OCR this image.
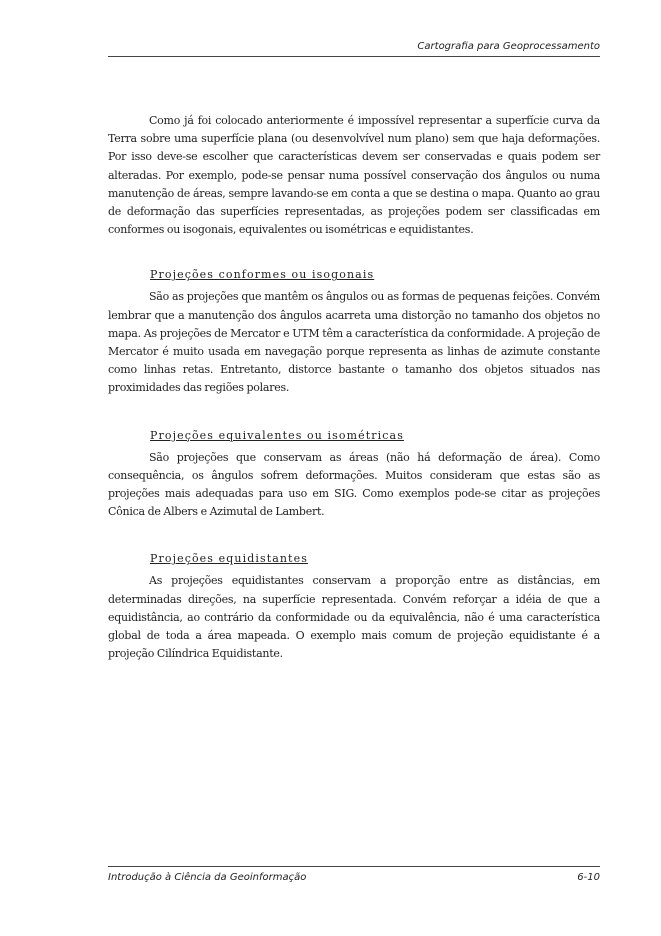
Cartografia para Geoprocessamento

Como já foi colocado anteriormente é impossível representar a superfície curva da Terra sobre uma superfície plana (ou desenvolvível num plano) sem que haja deformações. Por isso deve-se escolher que características devem ser conservadas e quais podem ser alteradas. Por exemplo, pode-se pensar numa possível conservação dos ângulos ou numa manutenção de áreas, sempre lavando-se em conta a que se destina o mapa. Quanto ao grau de deformação das superfícies representadas, as projeções podem ser classificadas em conformes ou isogonais, equivalentes ou isométricas e equidistantes.

Projeções conformes ou isogonais

São as projeções que mantêm os ângulos ou as formas de pequenas feições. Convém lembrar que a manutenção dos ângulos acarreta uma distorção no tamanho dos objetos no mapa. As projeções de Mercator e UTM têm a característica da conformidade. A projeção de Mercator é muito usada em navegação porque representa as linhas de azimute constante como linhas retas. Entretanto, distorce bastante o tamanho dos objetos situados nas proximidades das regiões polares.

Projeções equivalentes ou isométricas

São projeções que conservam as áreas (não há deformação de área). Como consequência, os ângulos sofrem deformações. Muitos consideram que estas são as projeções mais adequadas para uso em SIG. Como exemplos pode-se citar as projeções Cônica de Albers e Azimutal de Lambert.

Projeções equidistantes

As projeções equidistantes conservam a proporção entre as distâncias, em determinadas direções, na superfície representada. Convém reforçar a idéia de que a equidistância, ao contrário da conformidade ou da equivalência, não é uma característica global de toda a área mapeada. O exemplo mais comum de projeção equidistante é a projeção Cilíndrica Equidistante.

Introdução à Ciência da Geoinformação	6-10
